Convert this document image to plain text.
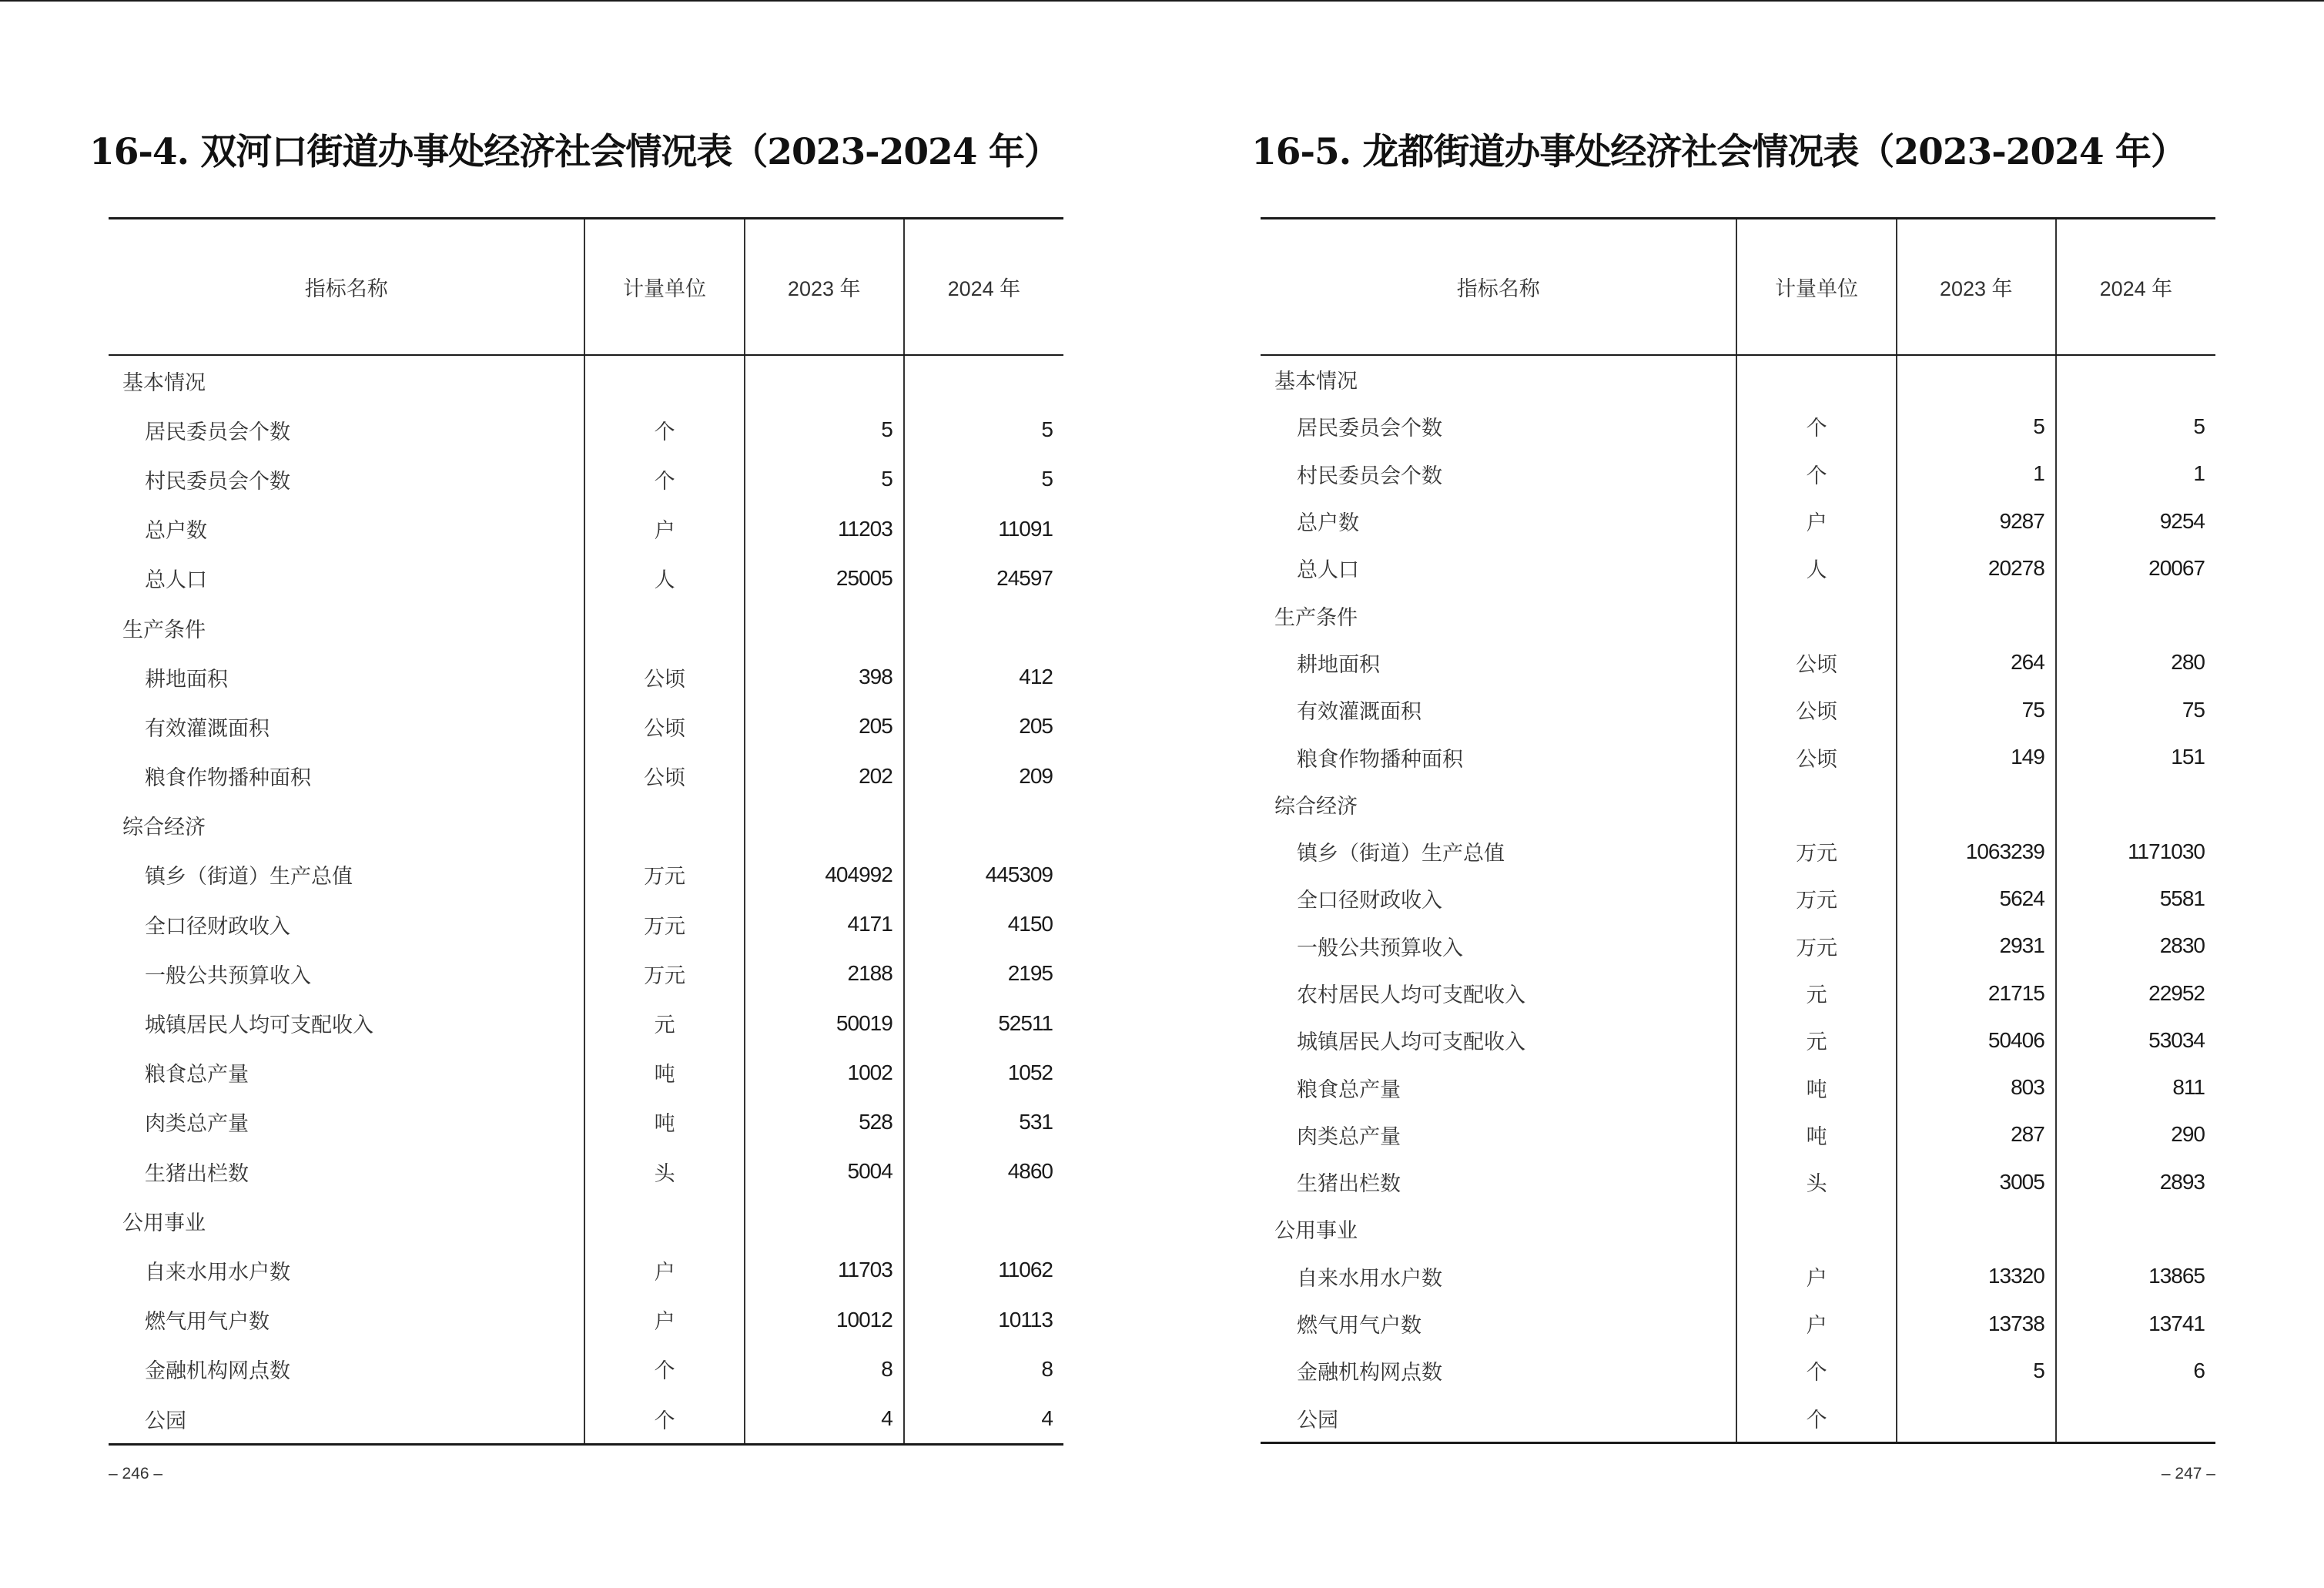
16-4. 双河口街道办事处经济社会情况表（2023-2024 年）
指标名称	计量单位	2023 年	2024 年
基本情况			
居民委员会个数	个	5	5
村民委员会个数	个	5	5
总户数	户	11203	11091
总人口	人	25005	24597
生产条件			
耕地面积	公顷	398	412
有效灌溉面积	公顷	205	205
粮食作物播种面积	公顷	202	209
综合经济			
镇乡（街道）生产总值	万元	404992	445309
全口径财政收入	万元	4171	4150
一般公共预算收入	万元	2188	2195
城镇居民人均可支配收入	元	50019	52511
粮食总产量	吨	1002	1052
肉类总产量	吨	528	531
生猪出栏数	头	5004	4860
公用事业			
自来水用水户数	户	11703	11062
燃气用气户数	户	10012	10113
金融机构网点数	个	8	8
公园	个	4	4
– 246 –
16-5. 龙都街道办事处经济社会情况表（2023-2024 年）
指标名称	计量单位	2023 年	2024 年
基本情况			
居民委员会个数	个	5	5
村民委员会个数	个	1	1
总户数	户	9287	9254
总人口	人	20278	20067
生产条件			
耕地面积	公顷	264	280
有效灌溉面积	公顷	75	75
粮食作物播种面积	公顷	149	151
综合经济			
镇乡（街道）生产总值	万元	1063239	1171030
全口径财政收入	万元	5624	5581
一般公共预算收入	万元	2931	2830
农村居民人均可支配收入	元	21715	22952
城镇居民人均可支配收入	元	50406	53034
粮食总产量	吨	803	811
肉类总产量	吨	287	290
生猪出栏数	头	3005	2893
公用事业			
自来水用水户数	户	13320	13865
燃气用气户数	户	13738	13741
金融机构网点数	个	5	6
公园	个		
– 247 –
